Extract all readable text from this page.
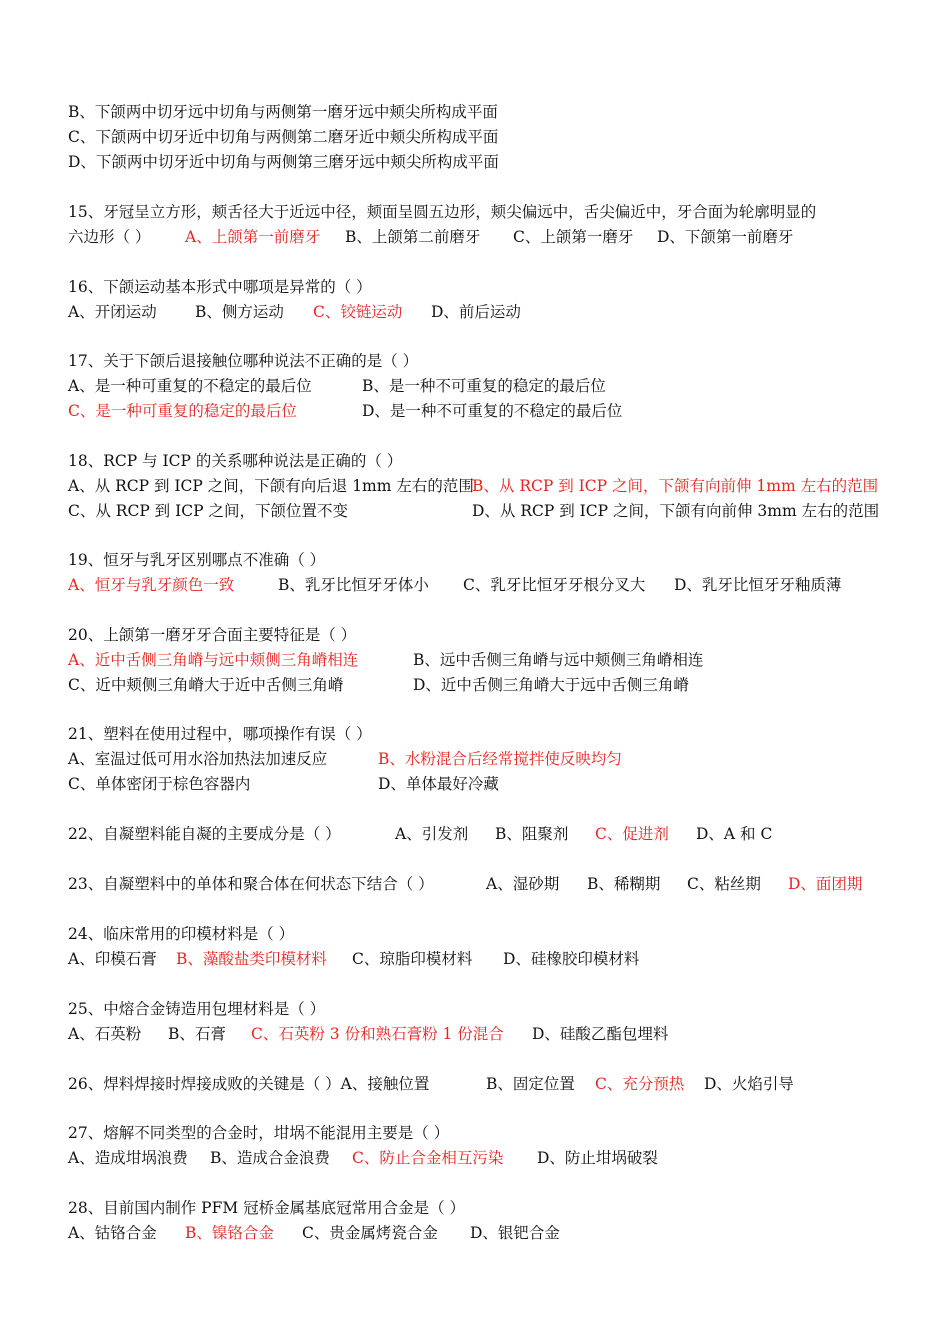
B、下颌两中切牙远中切角与两侧第一磨牙远中颊尖所构成平面
C、下颌两中切牙近中切角与两侧第二磨牙近中颊尖所构成平面
D、下颌两中切牙近中切角与两侧第三磨牙远中颊尖所构成平面
15、牙冠呈立方形，颊舌径大于近远中径，颊面呈圆五边形，颊尖偏远中，舌尖偏近中，牙合面为轮廓明显的
六边形（ ） A、上颌第一前磨牙 B、上颌第二前磨牙 C、上颌第一磨牙 D、下颌第一前磨牙
16、下颌运动基本形式中哪项是异常的（ ）
A、开闭运动 B、侧方运动 C、铰链运动 D、前后运动
17、关于下颌后退接触位哪种说法不正确的是（ ）
A、是一种可重复的不稳定的最后位	B、是一种不可重复的稳定的最后位
C、是一种可重复的稳定的最后位	D、是一种不可重复的不稳定的最后位
18、RCP 与 ICP 的关系哪种说法是正确的（ ）
A、从 RCP 到 ICP 之间，下颌有向后退 1mm 左右的范围
B、从 RCP 到 ICP 之间，下颌有向前伸 1mm 左右的范围
C、从 RCP 到 ICP 之间，下颌位置不变	D、从 RCP 到 ICP 之间，下颌有向前伸 3mm 左右的范围
19、恒牙与乳牙区别哪点不准确（ ）
A、恒牙与乳牙颜色一致	B、乳牙比恒牙牙体小 C、乳牙比恒牙牙根分叉大 D、乳牙比恒牙牙釉质薄
20、上颌第一磨牙牙合面主要特征是（ ）
A、近中舌侧三角嵴与远中颊侧三角嵴相连	B、远中舌侧三角嵴与远中颊侧三角嵴相连
C、近中颊侧三角嵴大于近中舌侧三角嵴	D、近中舌侧三角嵴大于远中舌侧三角嵴
21、塑料在使用过程中，哪项操作有误（ ）
A、室温过低可用水浴加热法加速反应	B、水粉混合后经常搅拌使反映均匀
C、单体密闭于棕色容器内	D、单体最好冷藏
22、自凝塑料能自凝的主要成分是（ ）	A、引发剂 B、阻聚剂 C、促进剂 D、A 和 C
23、自凝塑料中的单体和聚合体在何状态下结合（ ）	A、湿砂期 B、稀糊期 C、粘丝期 D、面团期
24、临床常用的印模材料是（ ）
A、印模石膏 B、藻酸盐类印模材料 C、琼脂印模材料 D、硅橡胶印模材料
25、中熔合金铸造用包埋材料是（ ）
A、石英粉 B、石膏 C、石英粉 3 份和熟石膏粉 1 份混合 D、硅酸乙酯包埋料
26、焊料焊接时焊接成败的关键是（ ）A、接触位置	B、固定位置 C、充分预热 D、火焰引导
27、熔解不同类型的合金时，坩埚不能混用主要是（ ）
A、造成坩埚浪费 B、造成合金浪费 C、防止合金相互污染 D、防止坩埚破裂
28、目前国内制作 PFM 冠桥金属基底冠常用合金是（ ）
A、钴铬合金 B、镍铬合金 C、贵金属烤瓷合金 D、银钯合金
